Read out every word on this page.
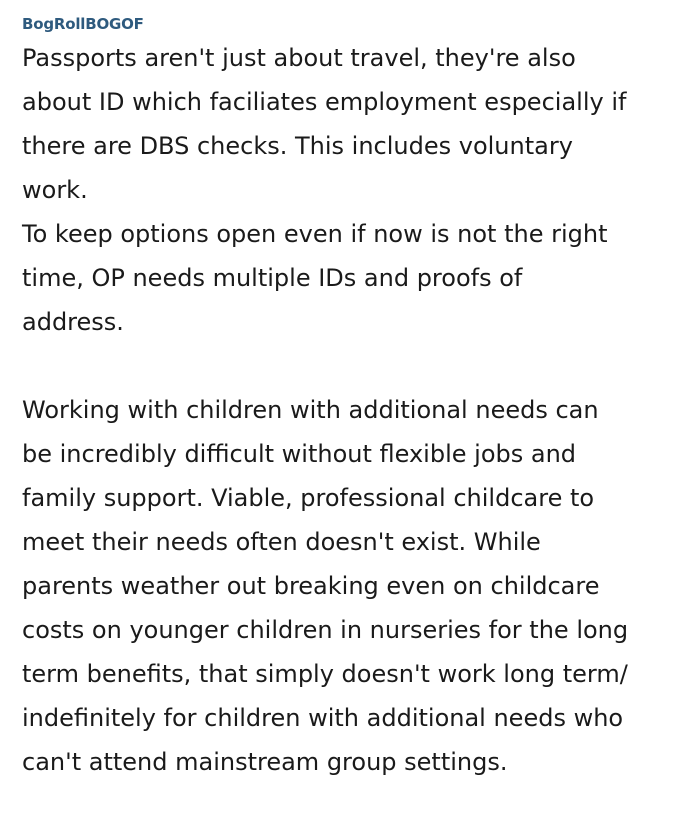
BogRollBOGOF
Passports aren't just about travel, they're also
about ID which faciliates employment especially if
there are DBS checks. This includes voluntary
work.
To keep options open even if now is not the right
time, OP needs multiple IDs and proofs of
address.
Working with children with additional needs can
be incredibly difficult without flexible jobs and
family support. Viable, professional childcare to
meet their needs often doesn't exist. While
parents weather out breaking even on childcare
costs on younger children in nurseries for the long
term benefits, that simply doesn't work long term/
indefinitely for children with additional needs who
can't attend mainstream group settings.
